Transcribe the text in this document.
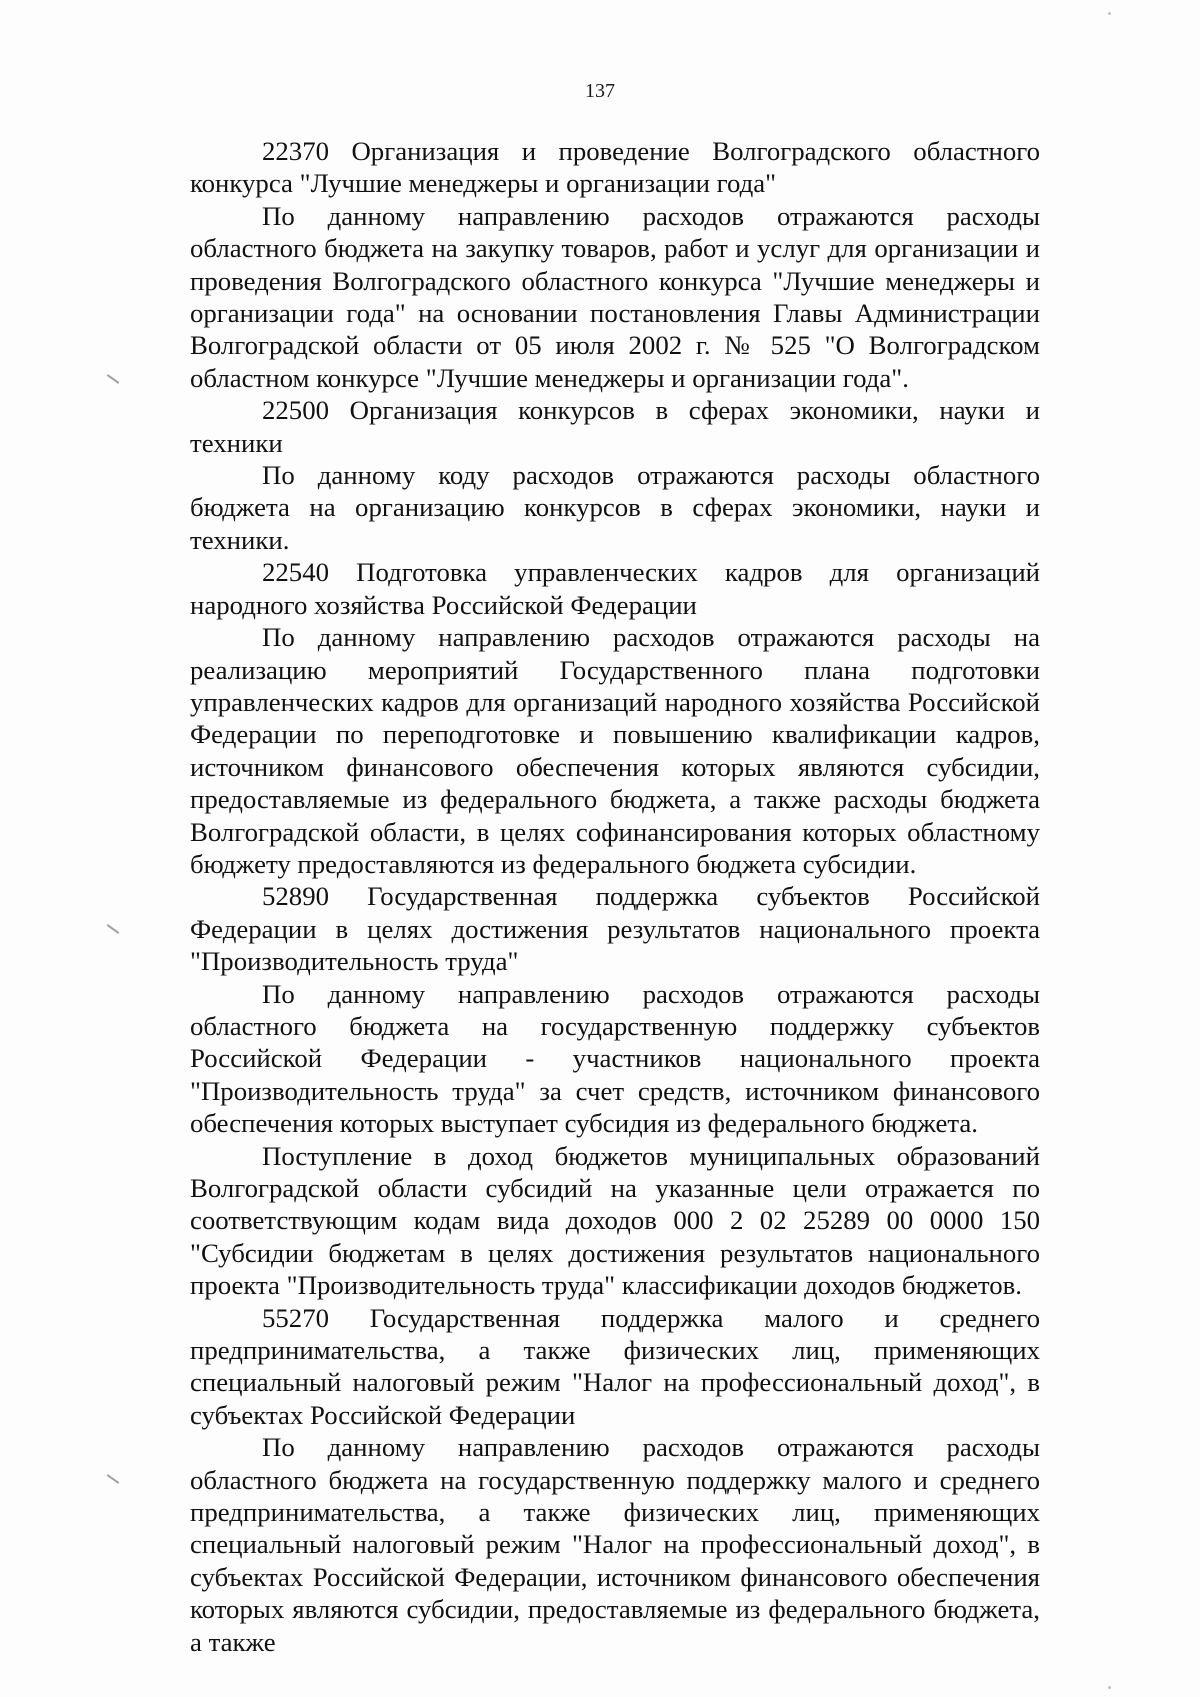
137

22370 Организация и проведение Волгоградского областного конкурса "Лучшие менеджеры и организации года"

По данному направлению расходов отражаются расходы областного бюджета на закупку товаров, работ и услуг для организации и проведения Волгоградского областного конкурса "Лучшие менеджеры и организации года" на основании постановления Главы Администрации Волгоградской области от 05 июля 2002 г. № 525 "О Волгоградском областном конкурсе "Лучшие менеджеры и организации года".

22500 Организация конкурсов в сферах экономики, науки и техники

По данному коду расходов отражаются расходы областного бюджета на организацию конкурсов в сферах экономики, науки и техники.

22540 Подготовка управленческих кадров для организаций народного хозяйства Российской Федерации

По данному направлению расходов отражаются расходы на реализацию мероприятий Государственного плана подготовки управленческих кадров для организаций народного хозяйства Российской Федерации по переподготовке и повышению квалификации кадров, источником финансового обеспечения которых являются субсидии, предоставляемые из федерального бюджета, а также расходы бюджета Волгоградской области, в целях софинансирования которых областному бюджету предоставляются из федерального бюджета субсидии.

52890 Государственная поддержка субъектов Российской Федерации в целях достижения результатов национального проекта "Производительность труда"

По данному направлению расходов отражаются расходы областного бюджета на государственную поддержку субъектов Российской Федерации - участников национального проекта "Производительность труда" за счет средств, источником финансового обеспечения которых выступает субсидия из федерального бюджета.

Поступление в доход бюджетов муниципальных образований Волгоградской области субсидий на указанные цели отражается по соответствующим кодам вида доходов 000 2 02 25289 00 0000 150 "Субсидии бюджетам в целях достижения результатов национального проекта "Производительность труда" классификации доходов бюджетов.

55270 Государственная поддержка малого и среднего предпринимательства, а также физических лиц, применяющих специальный налоговый режим "Налог на профессиональный доход", в субъектах Российской Федерации

По данному направлению расходов отражаются расходы областного бюджета на государственную поддержку малого и среднего предпринимательства, а также физических лиц, применяющих специальный налоговый режим "Налог на профессиональный доход", в субъектах Российской Федерации, источником финансового обеспечения которых являются субсидии, предоставляемые из федерального бюджета, а также
